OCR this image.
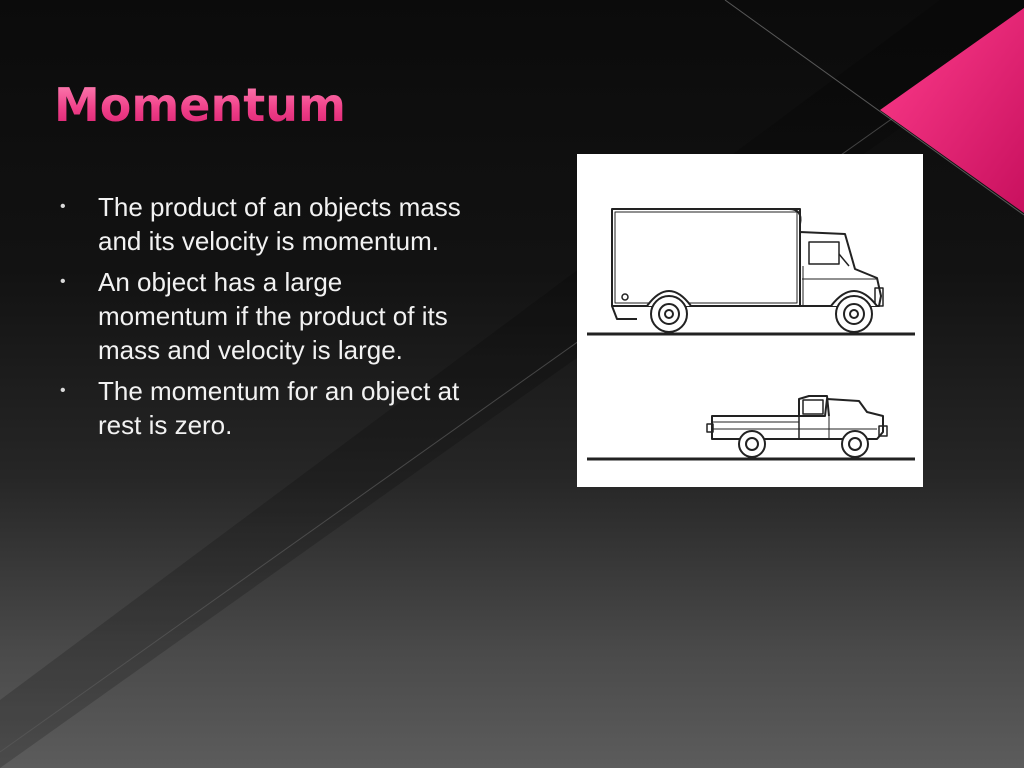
Momentum
• The product of an objects mass and its velocity is momentum.
• An object has a large momentum if the product of its mass and velocity is large.
• The momentum for an object at rest is zero.
